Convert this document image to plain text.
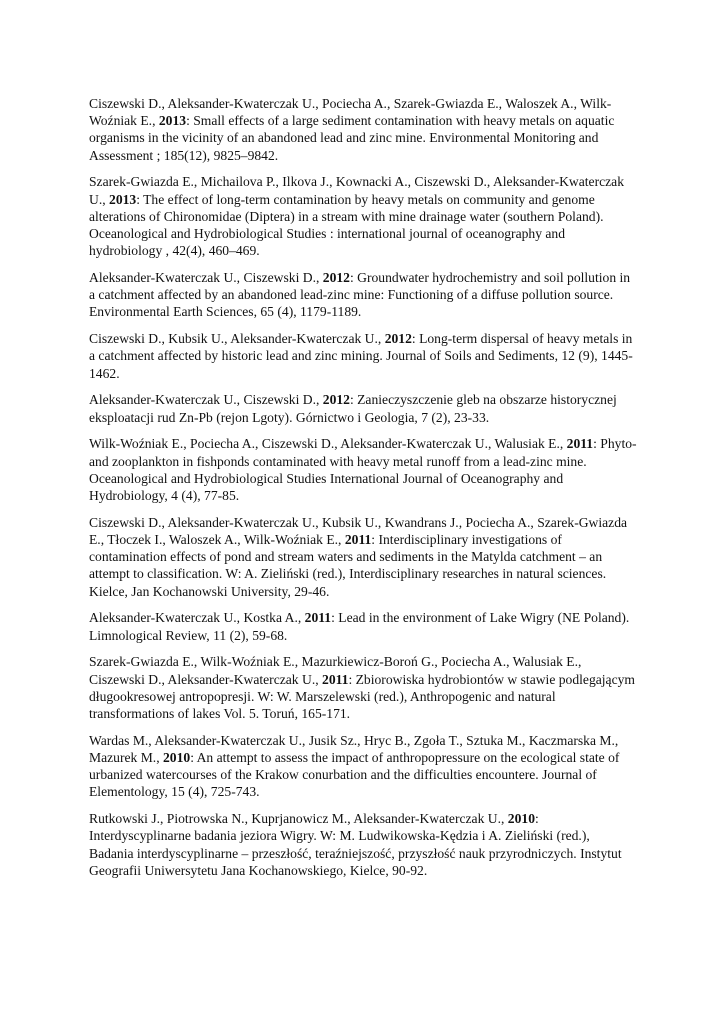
Ciszewski D., Aleksander-Kwaterczak U., Pociecha A., Szarek-Gwiazda E., Waloszek A., Wilk-Woźniak E., 2013: Small effects of a large sediment contamination with heavy metals on aquatic organisms in the vicinity of an abandoned lead and zinc mine. Environmental Monitoring and Assessment ; 185(12), 9825–9842.

Szarek-Gwiazda E., Michailova P., Ilkova J., Kownacki A., Ciszewski D., Aleksander-Kwaterczak U., 2013: The effect of long-term contamination by heavy metals on community and genome alterations of Chironomidae (Diptera) in a stream with mine drainage water (southern Poland). Oceanological and Hydrobiological Studies : international journal of oceanography and hydrobiology , 42(4), 460–469.

Aleksander-Kwaterczak U., Ciszewski D., 2012: Groundwater hydrochemistry and soil pollution in a catchment affected by an abandoned lead-zinc mine: Functioning of a diffuse pollution source. Environmental Earth Sciences, 65 (4), 1179-1189.

Ciszewski D., Kubsik U., Aleksander-Kwaterczak U., 2012: Long-term dispersal of heavy metals in a catchment affected by historic lead and zinc mining. Journal of Soils and Sediments, 12 (9), 1445-1462.

Aleksander-Kwaterczak U., Ciszewski D., 2012: Zanieczyszczenie gleb na obszarze historycznej eksploatacji rud Zn-Pb (rejon Lgoty). Górnictwo i Geologia, 7 (2), 23-33.

Wilk-Woźniak E., Pociecha A., Ciszewski D., Aleksander-Kwaterczak U., Walusiak E., 2011: Phyto- and zooplankton in fishponds contaminated with heavy metal runoff from a lead-zinc mine. Oceanological and Hydrobiological Studies International Journal of Oceanography and Hydrobiology, 4 (4), 77-85.

Ciszewski D., Aleksander-Kwaterczak U., Kubsik U., Kwandrans J., Pociecha A., Szarek-Gwiazda E., Tłoczek I., Waloszek A., Wilk-Woźniak E., 2011: Interdisciplinary investigations of contamination effects of pond and stream waters and sediments in the Matylda catchment – an attempt to classification. W: A. Zieliński (red.), Interdisciplinary researches in natural sciences. Kielce, Jan Kochanowski University, 29-46.

Aleksander-Kwaterczak U., Kostka A., 2011: Lead in the environment of Lake Wigry (NE Poland). Limnological Review, 11 (2), 59-68.

Szarek-Gwiazda E., Wilk-Woźniak E., Mazurkiewicz-Boroń G., Pociecha A., Walusiak E., Ciszewski D., Aleksander-Kwaterczak U., 2011: Zbiorowiska hydrobiontów w stawie podlegającym długookresowej antropopresji. W: W. Marszelewski (red.), Anthropogenic and natural transformations of lakes Vol. 5. Toruń, 165-171.

Wardas M., Aleksander-Kwaterczak U., Jusik Sz., Hryc B., Zgoła T., Sztuka M., Kaczmarska M., Mazurek M., 2010: An attempt to assess the impact of anthropopressure on the ecological state of urbanized watercourses of the Krakow conurbation and the difficulties encountere. Journal of Elementology, 15 (4), 725-743.

Rutkowski J., Piotrowska N., Kuprjanowicz M., Aleksander-Kwaterczak U., 2010: Interdyscyplinarne badania jeziora Wigry. W: M. Ludwikowska-Kędzia i A. Zieliński (red.), Badania interdyscyplinarne – przeszłość, teraźniejszość, przyszłość nauk przyrodniczych. Instytut Geografii Uniwersytetu Jana Kochanowskiego, Kielce, 90-92.
